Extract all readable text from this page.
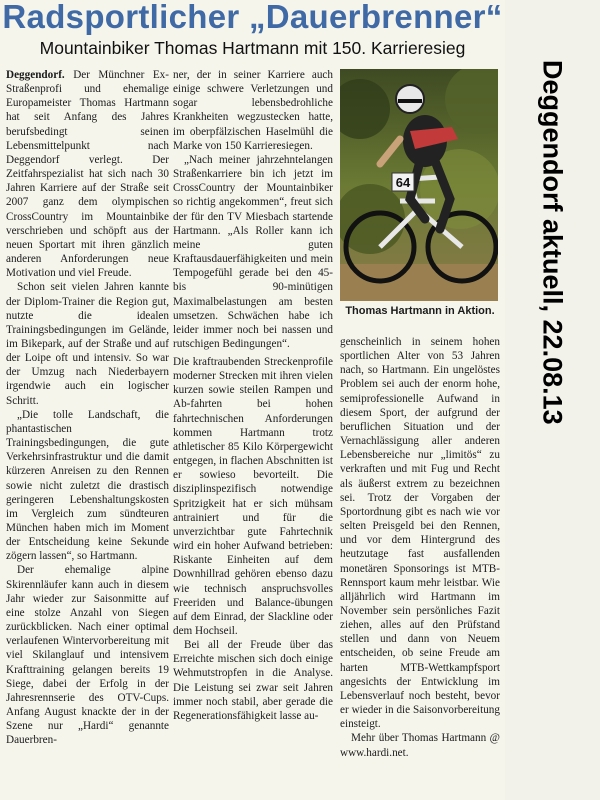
Radsportlicher „Dauerbrenner“
Mountainbiker Thomas Hartmann mit 150. Karrieresieg

Deggendorf. Der Münchner Ex-Straßenprofi und ehemalige Europameister Thomas Hartmann hat seit Anfang des Jahres berufsbedingt seinen Lebensmittelpunkt nach Deggendorf verlegt. Der Zeitfahrspezialist hat sich nach 30 Jahren Karriere auf der Straße seit 2007 ganz dem olympischen CrossCountry im Mountainbike verschrieben und schöpft aus der neuen Sportart mit ihren gänzlich anderen Anforderungen neue Motivation und viel Freude.

Schon seit vielen Jahren kannte der Diplom-Trainer die Region gut, nutzte die idealen Trainingsbedingungen im Gelände, im Bikepark, auf der Straße und auf der Loipe oft und intensiv. So war der Umzug nach Niederbayern irgendwie auch ein logischer Schritt.

„Die tolle Landschaft, die phantastischen Trainingsbedingungen, die gute Verkehrsinfrastruktur und die damit kürzeren Anreisen zu den Rennen sowie nicht zuletzt die drastisch geringeren Lebenshaltungskosten im Vergleich zum sündteuren München haben mich im Moment der Entscheidung keine Sekunde zögern lassen“, so Hartmann.

Der ehemalige alpine Skirennläufer kann auch in diesem Jahr wieder zur Saisonmitte auf eine stolze Anzahl von Siegen zurückblicken. Nach einer optimal verlaufenen Wintervorbereitung mit viel Skilanglauf und intensivem Krafttraining gelangen bereits 19 Siege, dabei der Erfolg in der Jahresrennserie des OTV-Cups. Anfang August knackte der in der Szene nur „Hardi“ genannte Dauerbren-

ner, der in seiner Karriere auch einige schwere Verletzungen und sogar lebensbedrohliche Krankheiten wegzustecken hatte, im oberpfälzischen Haselmühl die Marke von 150 Karrieresiegen.

„Nach meiner jahrzehntelangen Straßenkarriere bin ich jetzt im CrossCountry der Mountainbiker so richtig angekommen“, freut sich der für den TV Miesbach startende Hartmann. „Als Roller kann ich meine guten Kraftausdauerfähigkeiten und mein Tempogefühl gerade bei den 45- bis 90-minütigen Maximalbelastungen am besten umsetzen. Schwächen habe ich leider immer noch bei nassen und rutschigen Bedingungen“.

Die kraftraubenden Streckenprofile moderner Strecken mit ihren vielen kurzen sowie steilen Rampen und Ab-fahrten bei hohen fahrtechnischen Anforderungen kommen Hartmann trotz athletischer 85 Kilo Körpergewicht entgegen, in flachen Abschnitten ist er sowieso bevorteilt. Die disziplinspezifisch notwendige Spritzigkeit hat er sich mühsam antrainiert und für die unverzichtbar gute Fahrtechnik wird ein hoher Aufwand betrieben: Riskante Einheiten auf dem Downhillrad gehören ebenso dazu wie technisch anspruchsvolles Freeriden und Balance-übungen auf dem Einrad, der Slackline oder dem Hochseil.

Bei all der Freude über das Erreichte mischen sich doch einige Wehmutstropfen in die Analyse. Die Leistung sei zwar seit Jahren immer noch stabil, aber gerade die Regenerationsfähigkeit lasse au-

64
Thomas Hartmann in Aktion.

genscheinlich in seinem hohen sportlichen Alter von 53 Jahren nach, so Hartmann. Ein ungelöstes Problem sei auch der enorm hohe, semiprofessionelle Aufwand in diesem Sport, der aufgrund der beruflichen Situation und der Vernachlässigung aller anderen Lebensbereiche nur „limitös“ zu verkraften und mit Fug und Recht als äußerst extrem zu bezeichnen sei. Trotz der Vorgaben der Sportordnung gibt es nach wie vor selten Preisgeld bei den Rennen, und vor dem Hintergrund des heutzutage fast ausfallenden monetären Sponsorings ist MTB-Rennsport kaum mehr leistbar. Wie alljährlich wird Hartmann im November sein persönliches Fazit ziehen, alles auf den Prüfstand stellen und dann von Neuem entscheiden, ob seine Freude am harten MTB-Wettkampfsport angesichts der Entwicklung im Lebensverlauf noch besteht, bevor er wieder in die Saisonvorbereitung einsteigt.

Mehr über Thomas Hartmann @ www.hardi.net.

Deggendorf aktuell, 22.08.13
